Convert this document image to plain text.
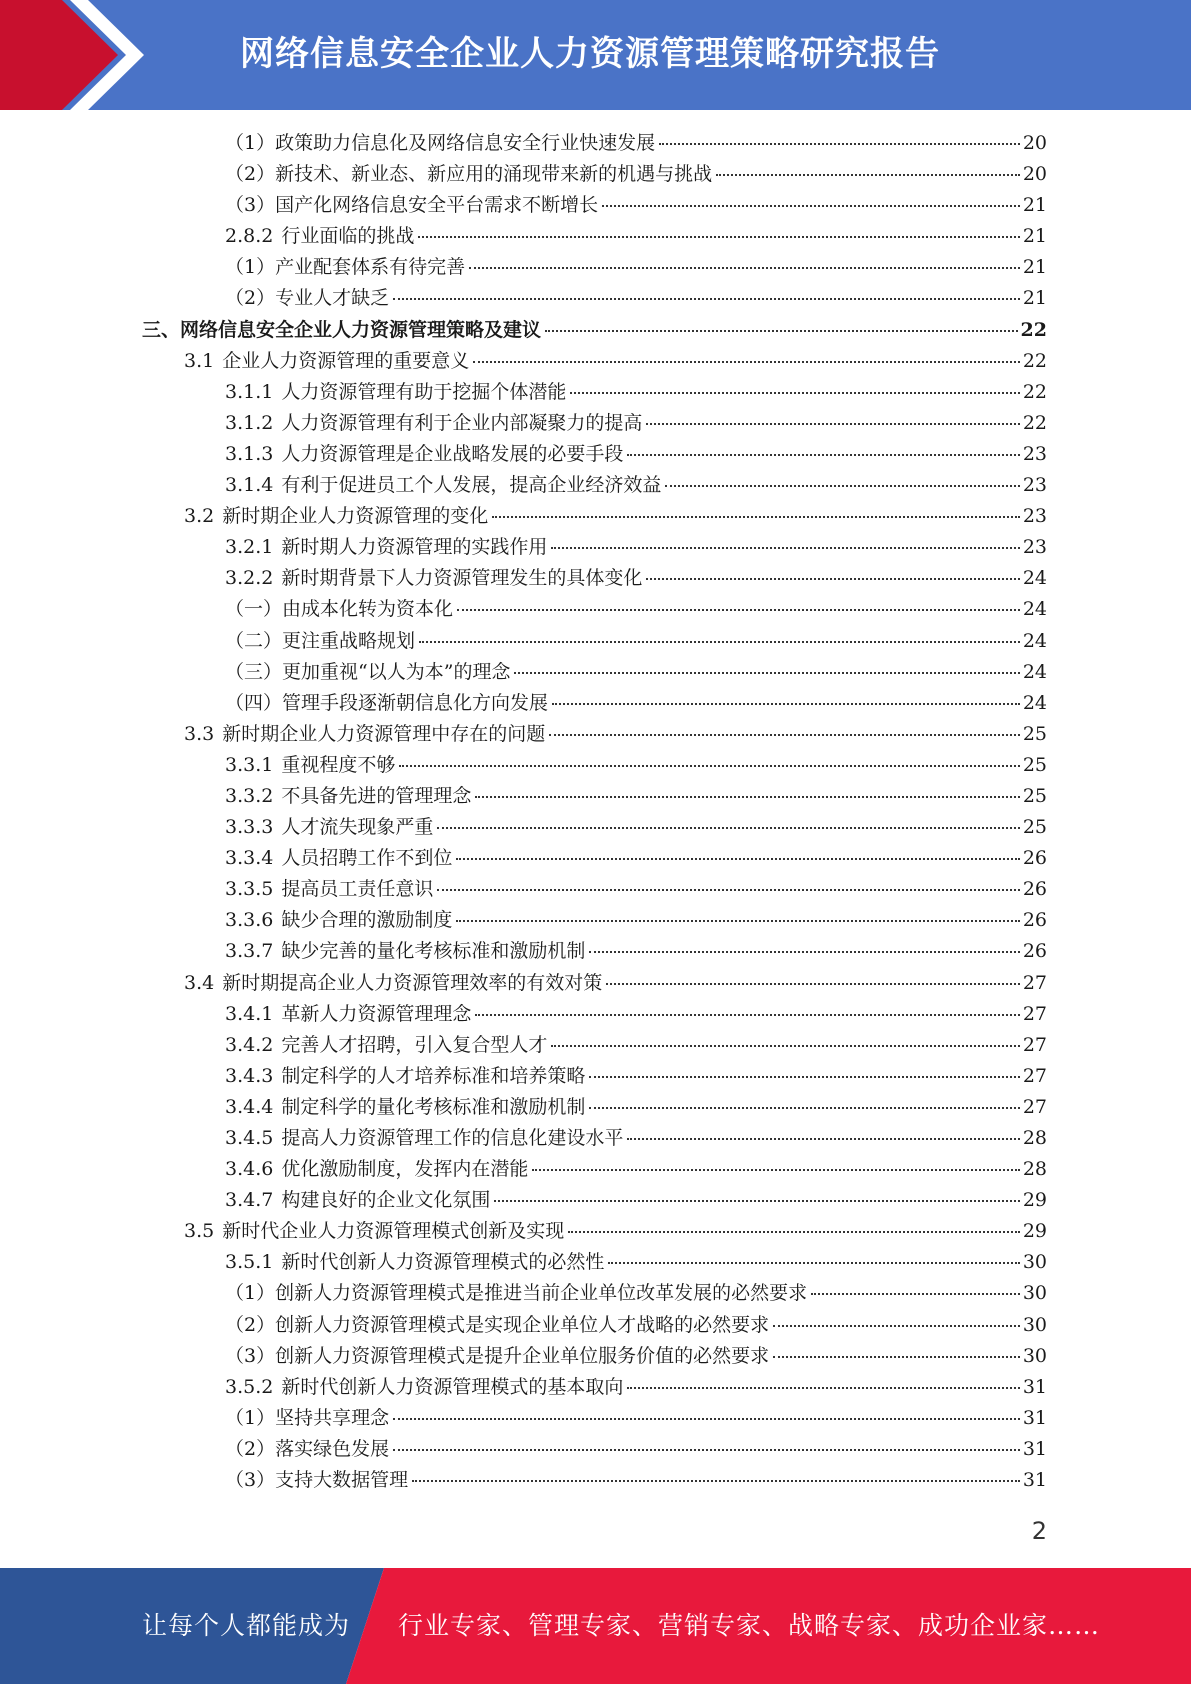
网络信息安全企业人力资源管理策略研究报告
（1） 政策助力信息化及网络信息安全行业快速发展	20
（2） 新技术、新业态、新应用的涌现带来新的机遇与挑战	20
（3） 国产化网络信息安全平台需求不断增长	21
2.8.2 行业面临的挑战	21
（1） 产业配套体系有待完善	21
（2） 专业人才缺乏	21
三、网络信息安全企业人力资源管理策略及建议	22
3.1 企业人力资源管理的重要意义	22
3.1.1 人力资源管理有助于挖掘个体潜能	22
3.1.2 人力资源管理有利于企业内部凝聚力的提高	22
3.1.3 人力资源管理是企业战略发展的必要手段	23
3.1.4 有利于促进员工个人发展，提高企业经济效益	23
3.2 新时期企业人力资源管理的变化	23
3.2.1 新时期人力资源管理的实践作用	23
3.2.2 新时期背景下人力资源管理发生的具体变化	24
（一） 由成本化转为资本化	24
（二） 更注重战略规划	24
（三） 更加重视“以人为本”的理念	24
（四） 管理手段逐渐朝信息化方向发展	24
3.3 新时期企业人力资源管理中存在的问题	25
3.3.1 重视程度不够	25
3.3.2 不具备先进的管理理念	25
3.3.3 人才流失现象严重	25
3.3.4 人员招聘工作不到位	26
3.3.5 提高员工责任意识	26
3.3.6 缺少合理的激励制度	26
3.3.7 缺少完善的量化考核标准和激励机制	26
3.4 新时期提高企业人力资源管理效率的有效对策	27
3.4.1 革新人力资源管理理念	27
3.4.2 完善人才招聘，引入复合型人才	27
3.4.3 制定科学的人才培养标准和培养策略	27
3.4.4 制定科学的量化考核标准和激励机制	27
3.4.5 提高人力资源管理工作的信息化建设水平	28
3.4.6 优化激励制度，发挥内在潜能	28
3.4.7 构建良好的企业文化氛围	29
3.5 新时代企业人力资源管理模式创新及实现	29
3.5.1 新时代创新人力资源管理模式的必然性	30
（1） 创新人力资源管理模式是推进当前企业单位改革发展的必然要求	30
（2） 创新人力资源管理模式是实现企业单位人才战略的必然要求	30
（3） 创新人力资源管理模式是提升企业单位服务价值的必然要求	30
3.5.2 新时代创新人力资源管理模式的基本取向	31
（1） 坚持共享理念	31
（2） 落实绿色发展	31
（3） 支持大数据管理	31
2
让每个人都能成为 行业专家、管理专家、营销专家、战略专家、成功企业家……
